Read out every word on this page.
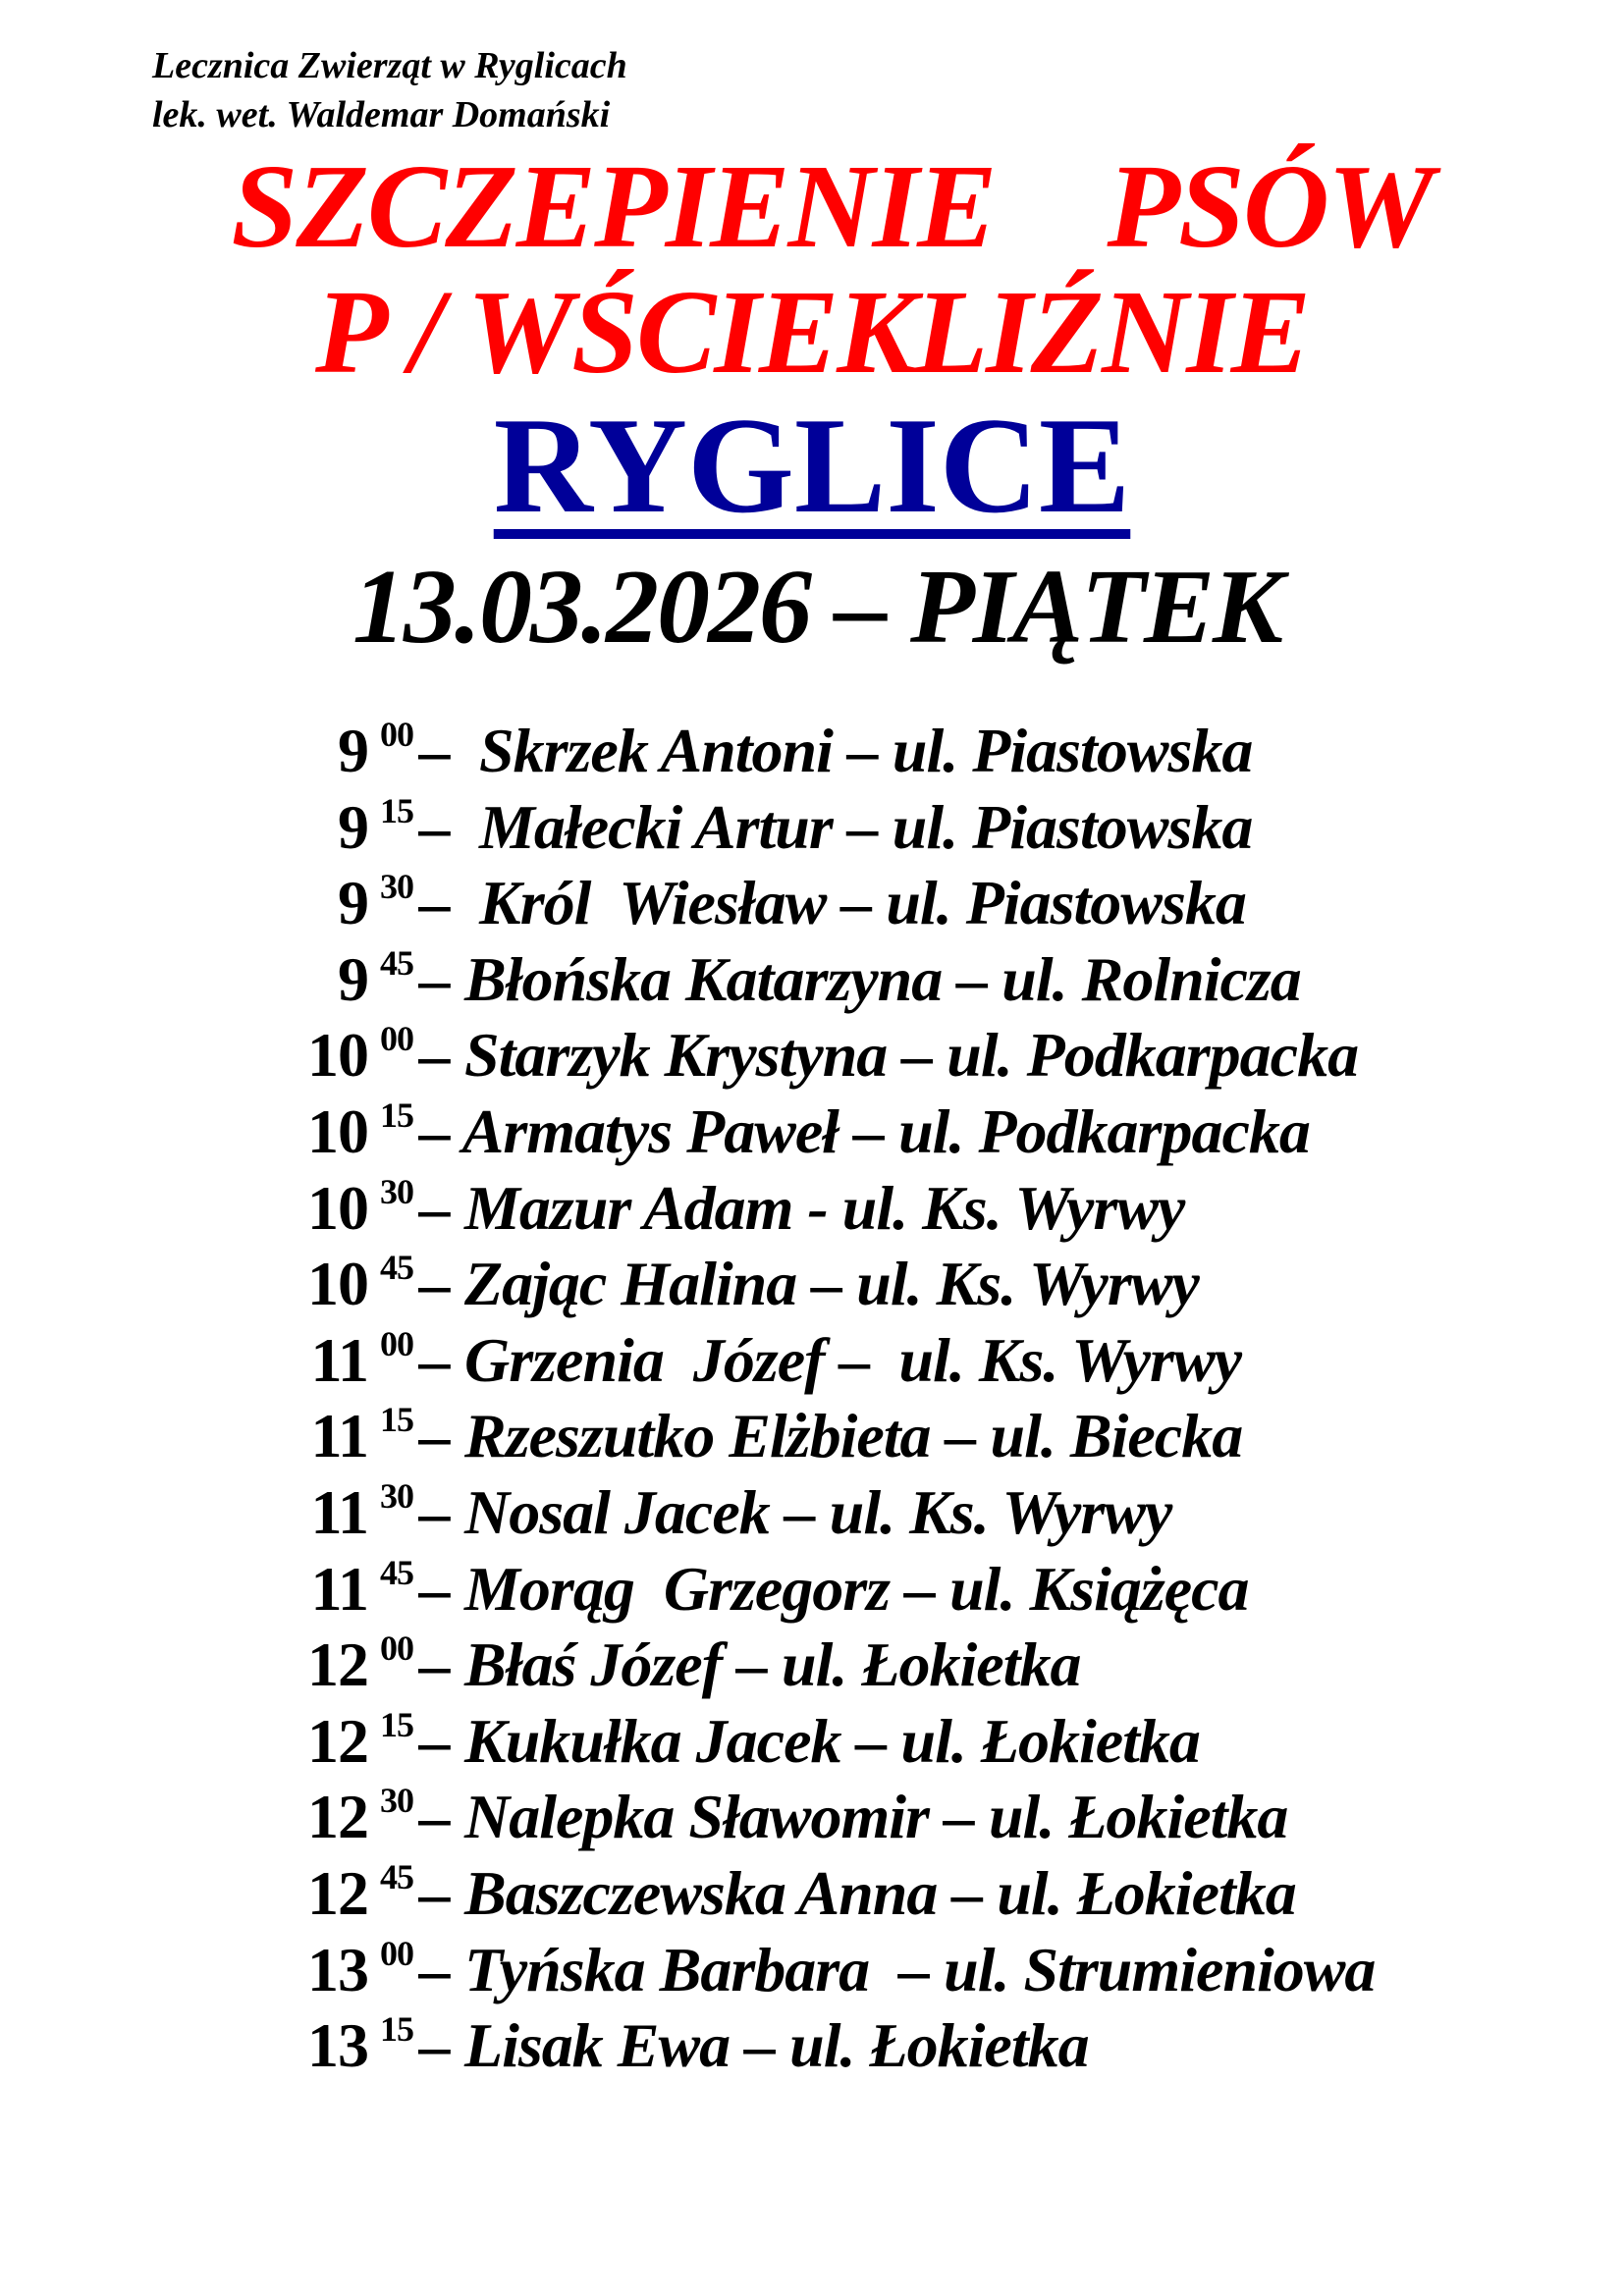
Lecznica Zwierząt w Ryglicach
lek. wet. Waldemar Domański
SZCZEPIENIE    PSÓW
P / WŚCIEKLIŹNIE
RYGLICE
13.03.2026 – PIĄTEK
9 00 –  Skrzek Antoni – ul. Piastowska
9 15 –  Małecki Artur – ul. Piastowska
9 30 –  Król  Wiesław – ul. Piastowska
9 45 – Błońska Katarzyna – ul. Rolnicza
10 00 – Starzyk Krystyna – ul. Podkarpacka
10 15 – Armatys Paweł – ul. Podkarpacka
10 30 – Mazur Adam - ul. Ks. Wyrwy
10 45 – Zając Halina – ul. Ks. Wyrwy
11 00 – Grzenia  Józef –  ul. Ks. Wyrwy
11 15 – Rzeszutko Elżbieta – ul. Biecka
11 30 – Nosal Jacek – ul. Ks. Wyrwy
11 45 – Morąg  Grzegorz – ul. Książęca
12 00 – Błaś Józef – ul. Łokietka
12 15 – Kukułka Jacek – ul. Łokietka
12 30 – Nalepka Sławomir – ul. Łokietka
12 45 – Baszczewska Anna – ul. Łokietka
13 00 – Tyńska Barbara  – ul. Strumieniowa
13 15 – Lisak Ewa – ul. Łokietka
